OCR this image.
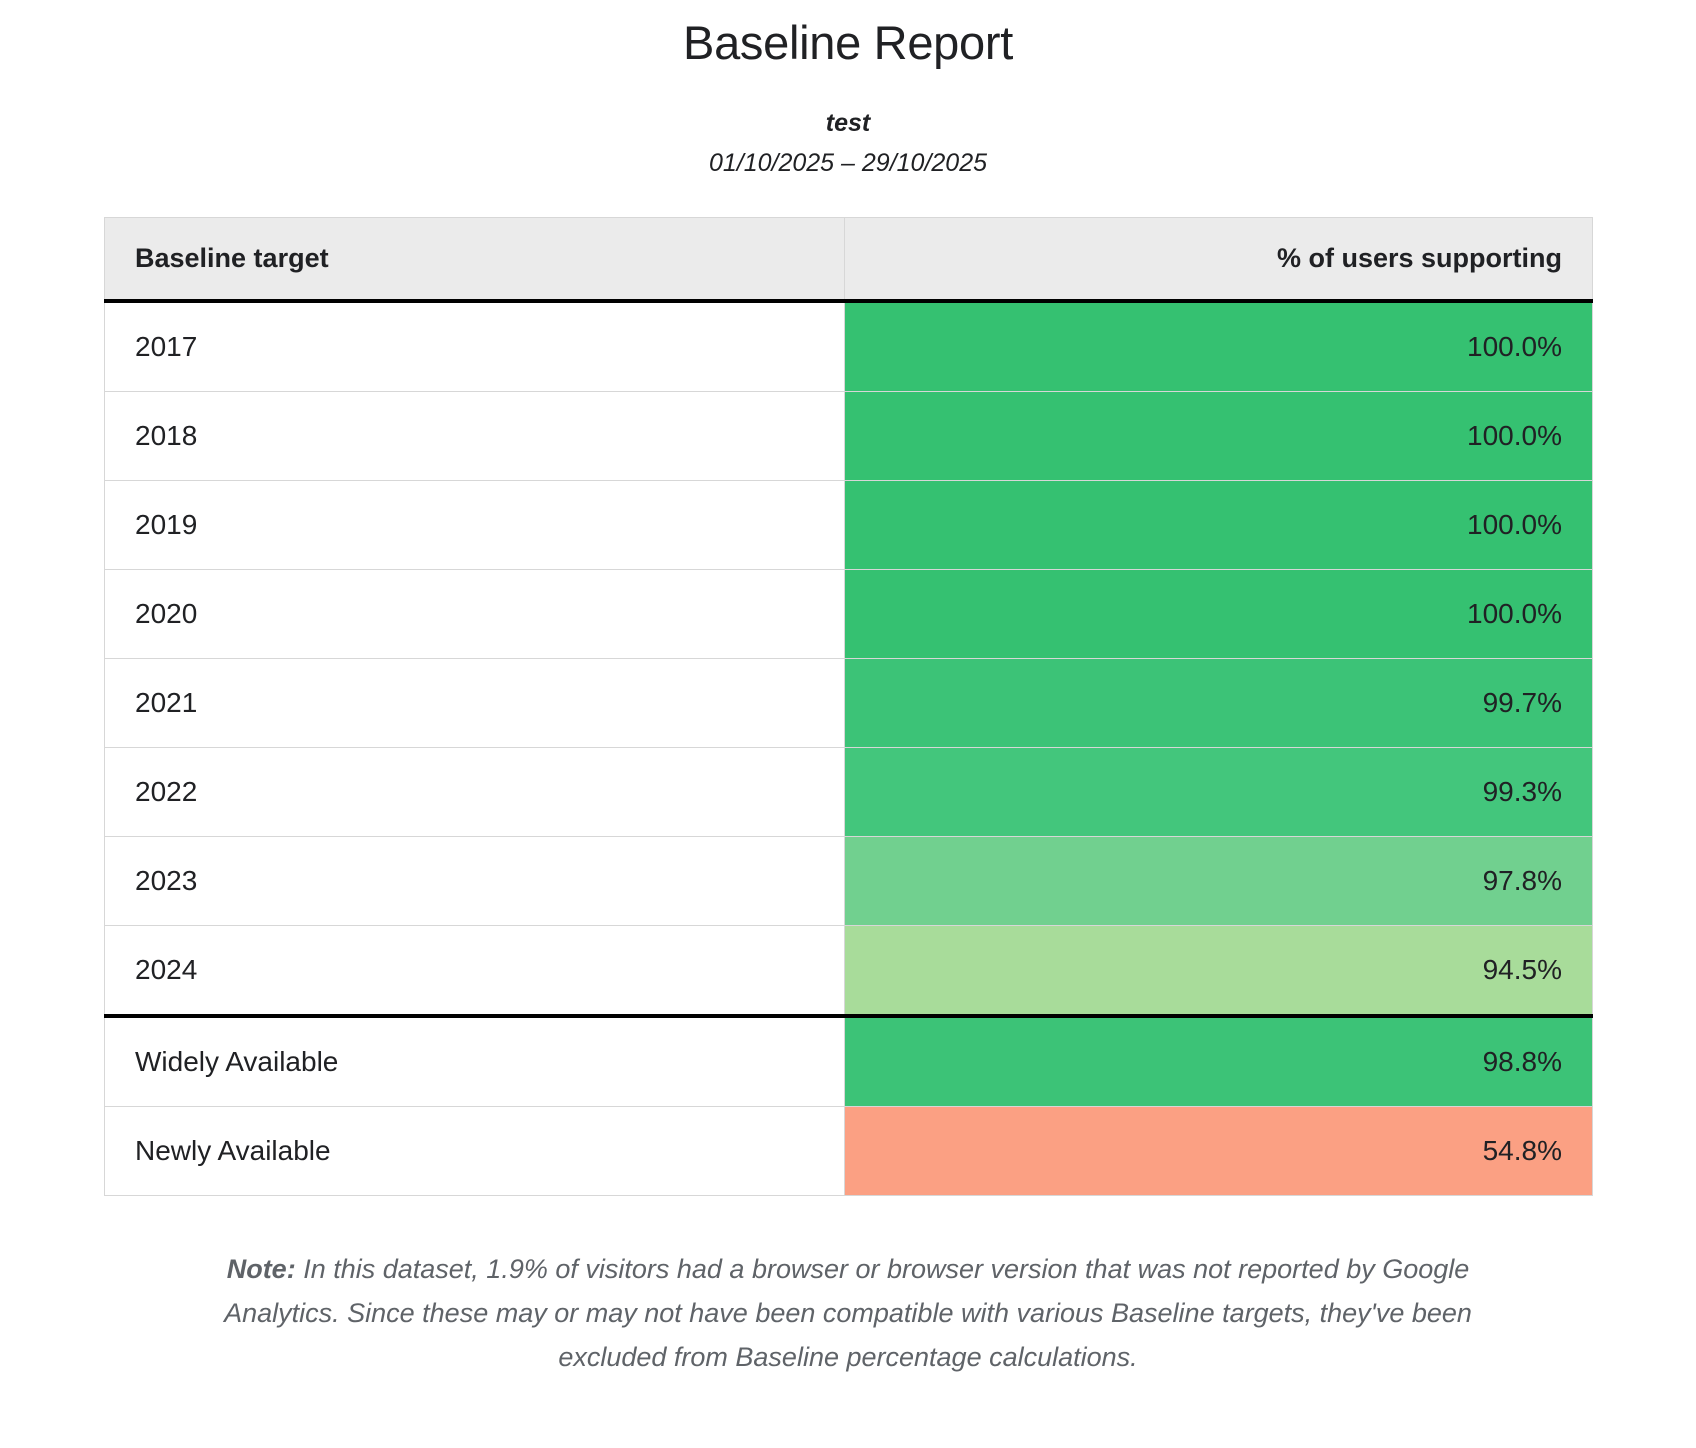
Baseline Report
test
01/10/2025 – 29/10/2025
Baseline target	% of users supporting
2017	100.0%
2018	100.0%
2019	100.0%
2020	100.0%
2021	99.7%
2022	99.3%
2023	97.8%
2024	94.5%
Widely Available	98.8%
Newly Available	54.8%
Note: In this dataset, 1.9% of visitors had a browser or browser version that was not reported by Google Analytics. Since these may or may not have been compatible with various Baseline targets, they've been excluded from Baseline percentage calculations.
